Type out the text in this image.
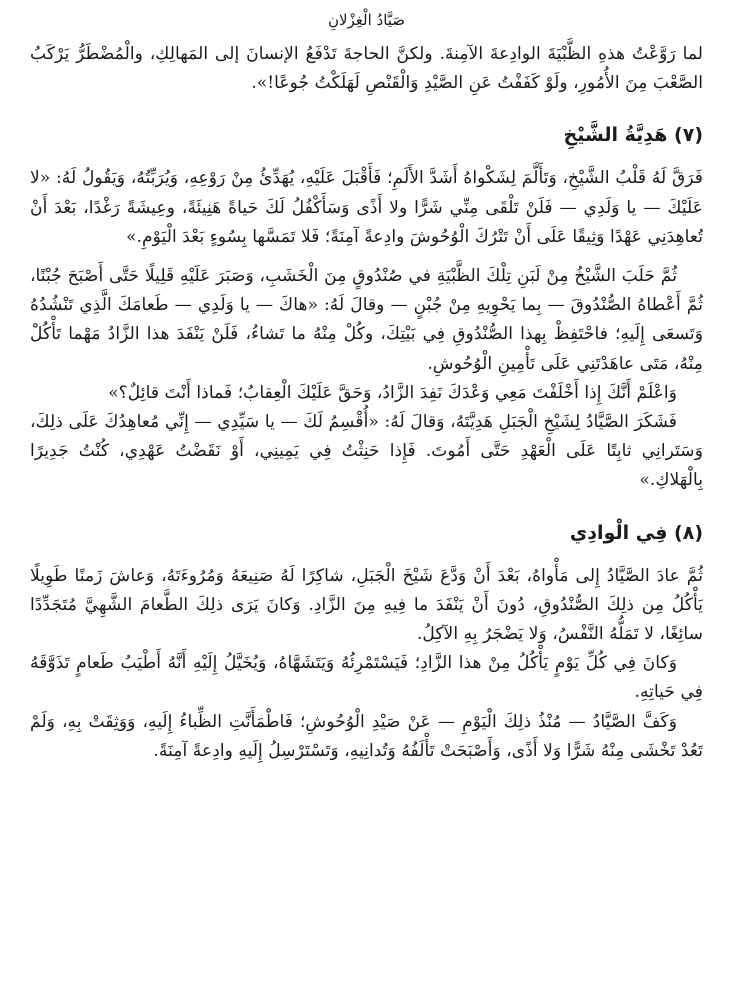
صَيَّادُ الْغِزْلانِ

لما رَوَّعْتُ هذهِ الظَّبْيَةَ الوادِعةَ الآمِنةَ. ولكنَّ الحاجةَ تَدْفَعُ الإنسانَ إلى المَهالِكِ، والْمُضْطَرُّ يَرْكَبُ الصَّعْبَ مِنَ الأُمُورِ، ولَوْ كَفَفْتُ عَنِ الصَّيْدِ وَالْقَنْصِ لَهَلَكْتُ جُوعًا!».

(٧) هَدِيَّةُ الشَّيْخِ

فَرَقَّ لَهُ قَلْبُ الشَّيْخِ، وَتَأَلَّمَ لِشَكْواهُ أَشَدَّ الأَلَمِ؛ فَأَقْبَلَ عَلَيْهِ، يُهَدِّئُ مِنْ رَوْعِهِ، وَيُرَبِّتُهُ، وَيَقُولُ لَهُ: «لا عَلَيْكَ — يا وَلَدِي — فَلَنْ تَلْقَى مِنِّي شَرًّا ولا أَذًى وَسَأَكْفُلُ لَكَ حَياةً هَنِيئَةً، وعِيشَةً رَغْدًا، بَعْدَ أَنْ تُعاهِدَنِي عَهْدًا وَثِيقًا عَلَى أَنْ تَتْرُكَ الْوُحُوشَ وادِعةً آمِنَةً؛ فَلا تَمَسَّها بِسُوءٍ بَعْدَ الْيَوْمِ.»

ثُمَّ حَلَبَ الشَّيْخُ مِنْ لَبَنِ تِلْكَ الظَّبْيَةِ في صُنْدُوقٍ مِنَ الْخَشَبِ، وَصَبَرَ عَلَيْهِ قَلِيلًا حَتَّى أَصْبَحَ جُبْنًا، ثُمَّ أَعْطاهُ الصُّنْدُوقَ — بِما يَحْوِيهِ مِنْ جُبْنٍ — وقالَ لَهُ: «هاكَ — يا وَلَدِي — طَعامَكَ الَّذِي تَنْشُدُهُ وَتَسعَى إِلَيهِ؛ فاحْتَفِظْ بِهذا الصُّنْدُوقِ فِي بَيْتِكَ، وكُلْ مِنْهُ ما تَشاءُ، فَلَنْ يَنْفَدَ هذا الزَّادُ مَهْما تَأْكُلْ مِنْهُ، مَتَى عاهَدْتَنِي عَلَى تَأْمِينِ الْوُحُوشِ.

وَاعْلَمْ أَنَّكَ إِذا أَخْلَفْتَ مَعِي وَعْدَكَ نَفِدَ الزَّادُ، وَحَقَّ عَلَيْكَ الْعِقابُ؛ فَماذا أَنْتَ قائِلٌ؟»

فَشَكَرَ الصَّيَّادُ لِشَيْخِ الْجَبَلِ هَدِيَّتَهُ، وَقالَ لَهُ: «أُقْسِمُ لَكَ — يا سَيِّدِي — إِنِّي مُعاهِدُكَ عَلَى ذلِكَ، وَسَتَرانِي ثابِتًا عَلَى الْعَهْدِ حَتَّى أَمُوتَ. فَإِذا حَنِثْتُ فِي يَمِينِي، أَوْ نَقَضْتُ عَهْدِي، كُنْتُ جَدِيرًا بِالْهَلاكِ.»

(٨) فِي الْوادِي

ثُمَّ عادَ الصَّيَّادُ إِلى مَأْواهُ، بَعْدَ أَنْ وَدَّعَ شَيْخَ الْجَبَلِ، شاكِرًا لَهُ صَنِيعَهُ وَمُرُوءَتَهُ، وَعاشَ زَمنًا طَوِيلًا يَأْكُلُ مِن ذلِكَ الصُّنْدُوقِ، دُونَ أَنْ يَنْفَدَ ما فِيهِ مِنَ الزَّادِ. وَكانَ يَرَى ذلِكَ الطَّعامَ الشَّهِيَّ مُتَجَدِّدًا سائِغًا، لا تَمَلُّهُ النَّفْسُ، وَلا يَضْجَرُ بِهِ الآكِلُ.

وَكانَ فِي كُلِّ يَوْمٍ يَأْكُلُ مِنْ هذا الزَّادِ؛ فَيَسْتَمْرِئُهُ وَيَتَشَهَّاهُ، وَيُخَيَّلُ إِلَيْهِ أَنَّهُ أَطْيَبُ طَعامٍ تَذَوَّقَهُ فِي حَياتِهِ.

وَكَفَّ الصَّيَّادُ — مُنْذُ ذلِكَ الْيَوْمِ — عَنْ صَيْدِ الْوُحُوشِ؛ فَاطْمَأَنَّتِ الظِّباءُ إِلَيهِ، وَوَثِقَتْ بِهِ، وَلَمْ تَعُدْ تَخْشَى مِنْهُ شَرًّا وَلا أَذًى، وَأَصْبَحَتْ تَأْلَفُهُ وَتُدانِيهِ، وَتَسْتَرْسِلُ إِلَيهِ وادِعةً آمِنَةً.
